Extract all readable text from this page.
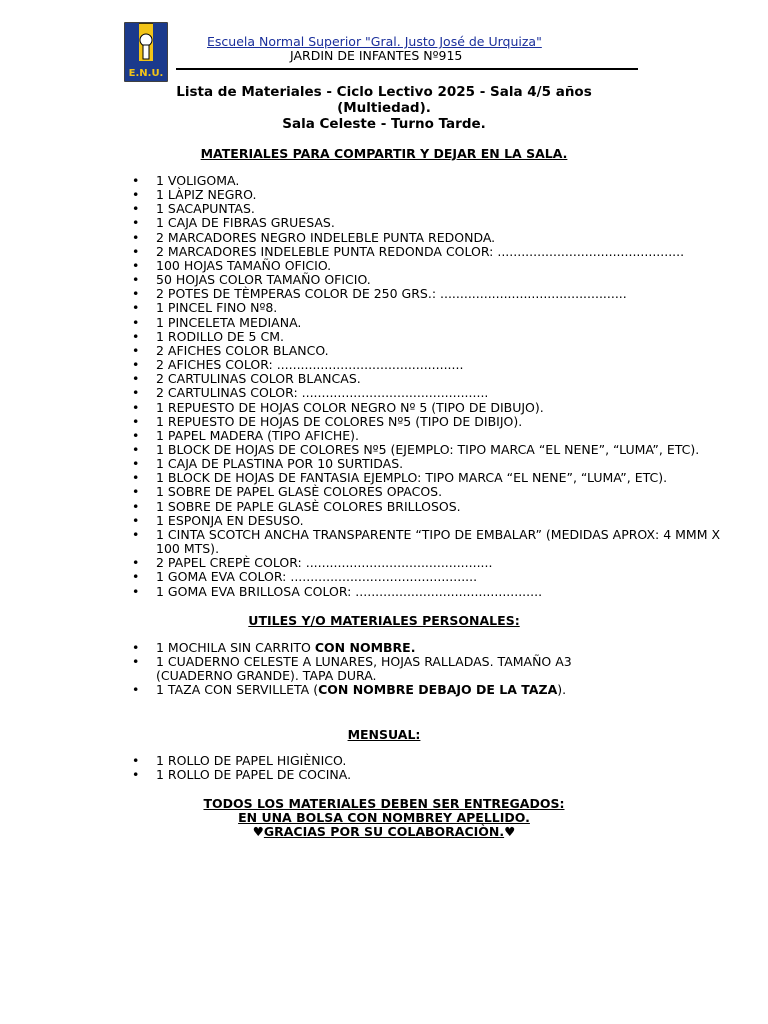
E.N.U.
Escuela Normal Superior "Gral. Justo José de Urquiza"
JARDIN DE INFANTES Nº915
Lista de Materiales - Ciclo Lectivo 2025 - Sala 4/5 años
(Multiedad).
Sala Celeste - Turno Tarde.
MATERIALES PARA COMPARTIR Y DEJAR EN LA SALA.
• 1 VOLIGOMA.
• 1 LÀPIZ NEGRO.
• 1 SACAPUNTAS.
• 1 CAJA DE FIBRAS GRUESAS.
• 2 MARCADORES NEGRO INDELEBLE PUNTA REDONDA.
• 2 MARCADORES INDELEBLE PUNTA REDONDA COLOR: ...............................................
• 100 HOJAS TAMAÑO OFICIO.
• 50 HOJAS COLOR TAMAÑO OFICIO.
• 2 POTES DE TÈMPERAS COLOR DE 250 GRS.: ...............................................
• 1 PINCEL FINO Nº8.
• 1 PINCELETA MEDIANA.
• 1 RODILLO DE 5 CM.
• 2 AFICHES COLOR BLANCO.
• 2 AFICHES COLOR: ...............................................
• 2 CARTULINAS COLOR BLANCAS.
• 2 CARTULINAS COLOR: ...............................................
• 1 REPUESTO DE HOJAS COLOR NEGRO Nº 5 (TIPO DE DIBUJO).
• 1 REPUESTO DE HOJAS DE COLORES Nº5 (TIPO DE DIBIJO).
• 1 PAPEL MADERA (TIPO AFICHE).
• 1 BLOCK DE HOJAS DE COLORES Nº5 (EJEMPLO: TIPO MARCA “EL NENE”, “LUMA”, ETC).
• 1 CAJA DE PLASTINA POR 10 SURTIDAS.
• 1 BLOCK DE HOJAS DE FANTASIA EJEMPLO: TIPO MARCA “EL NENE”, “LUMA”, ETC).
• 1 SOBRE DE PAPEL GLASÈ COLORES OPACOS.
• 1 SOBRE DE PAPLE GLASÈ COLORES BRILLOSOS.
• 1 ESPONJA EN DESUSO.
• 1 CINTA SCOTCH ANCHA TRANSPARENTE “TIPO DE EMBALAR” (MEDIDAS APROX: 4 MMM X 100 MTS).
• 2 PAPEL CREPÈ COLOR: ...............................................
• 1 GOMA EVA COLOR: ...............................................
• 1 GOMA EVA BRILLOSA COLOR: ...............................................
UTILES Y/O MATERIALES PERSONALES:
• 1 MOCHILA SIN CARRITO CON NOMBRE.
• 1 CUADERNO CELESTE A LUNARES, HOJAS RALLADAS. TAMAÑO A3 (CUADERNO GRANDE). TAPA DURA.
• 1 TAZA CON SERVILLETA (CON NOMBRE DEBAJO DE LA TAZA).
MENSUAL:
• 1 ROLLO DE PAPEL HIGIÈNICO.
• 1 ROLLO DE PAPEL DE COCINA.
TODOS LOS MATERIALES DEBEN SER ENTREGADOS:
EN UNA BOLSA CON NOMBREY APELLIDO.
♥GRACIAS POR SU COLABORACIÒN.♥
